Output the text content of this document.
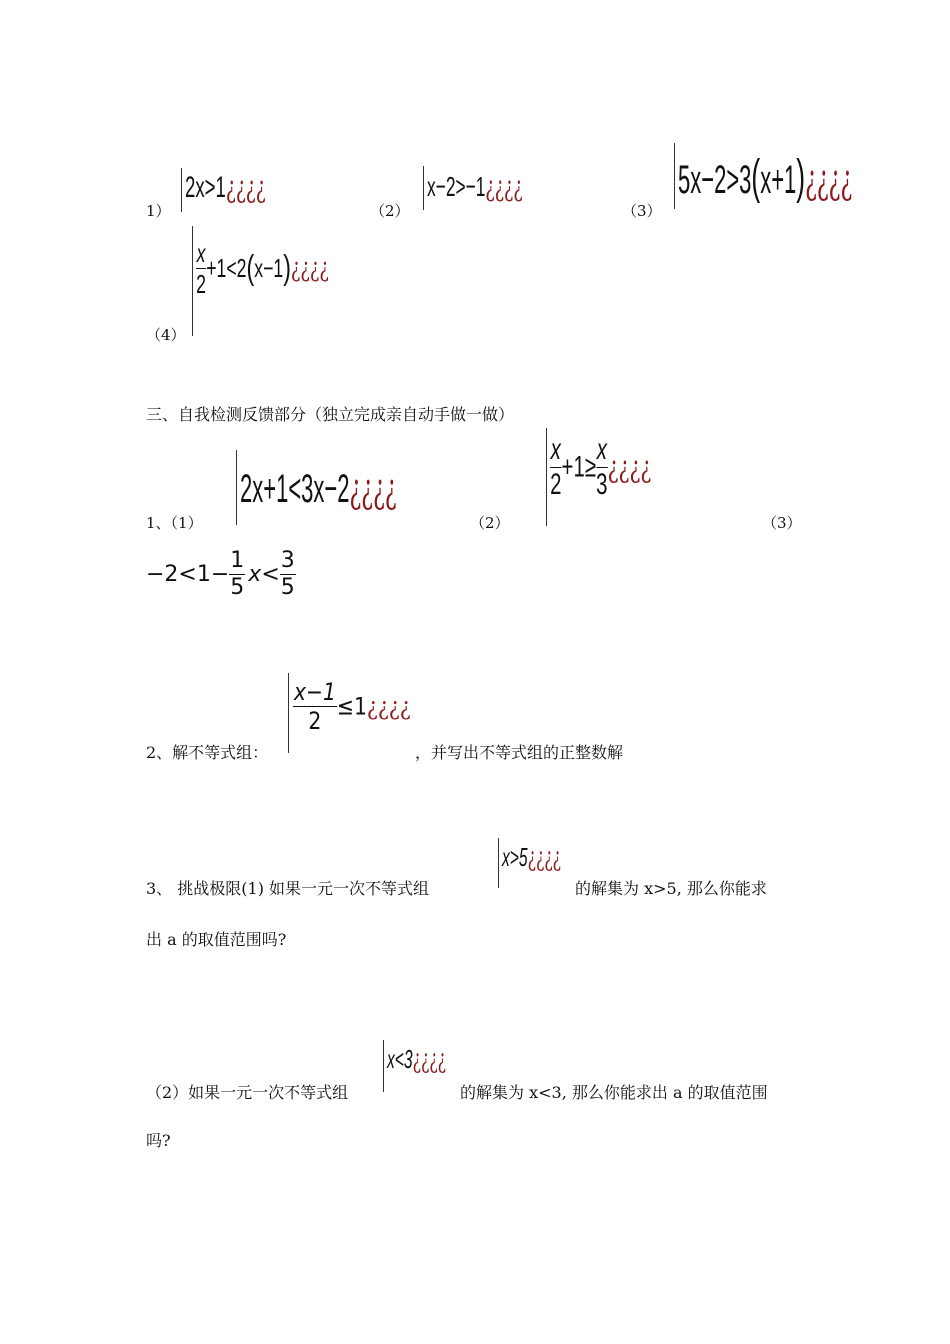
1）
2x>1¿¿¿¿
（2）
x−2>−1¿¿¿¿
（3）
5x−2>3(x+1)¿¿¿¿
（4）
$\frac{x}{2}$ +1<2(x−1)¿¿¿¿
三、自我检测反馈部分（独立完成亲自动手做一做）
1、（1）
2x+1<3x−2¿¿¿¿
（2）
$\frac{x}{2} +1\ge \frac{x}{3}$ ¿¿¿¿
（3）
$-2<1- \frac{1}{5} x< \frac{3}{5}$
2、解不等式组：
$\frac{x-1}{2}$ ≤1¿¿¿¿
，并写出不等式组的正整数解
3、 挑战极限(1) 如果一元一次不等式组
x>5¿¿¿¿
的解集为 x>5, 那么你能求
出 a 的取值范围吗?
（2）如果一元一次不等式组
x<3¿¿¿¿
的解集为 x<3, 那么你能求出 a 的取值范围
吗?
